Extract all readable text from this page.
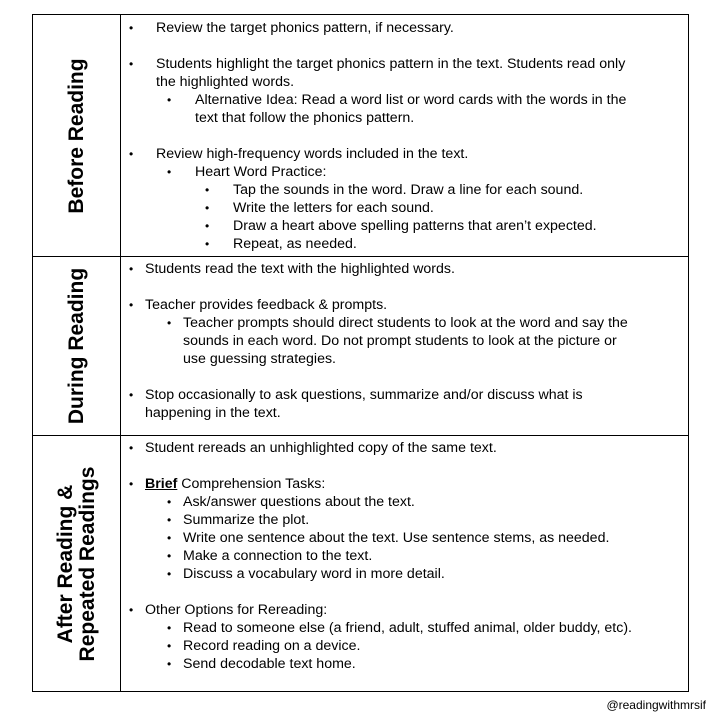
Before Reading
• Review the target phonics pattern, if necessary.
• Students highlight the target phonics pattern in the text. Students read only
the highlighted words.
• Alternative Idea: Read a word list or word cards with the words in the
text that follow the phonics pattern.
• Review high-frequency words included in the text.
• Heart Word Practice:
• Tap the sounds in the word. Draw a line for each sound.
• Write the letters for each sound.
• Draw a heart above spelling patterns that aren’t expected.
• Repeat, as needed.
During Reading	• Students read the text with the highlighted words.
• Teacher provides feedback & prompts.
• Teacher prompts should direct students to look at the word and say the
sounds in each word. Do not prompt students to look at the picture or
use guessing strategies.
• Stop occasionally to ask questions, summarize and/or discuss what is
happening in the text.
After Reading & Repeated Readings
• Student rereads an unhighlighted copy of the same text.
• Brief Comprehension Tasks:
• Ask/answer questions about the text.
• Summarize the plot.
• Write one sentence about the text. Use sentence stems, as needed.
• Make a connection to the text.
• Discuss a vocabulary word in more detail.
• Other Options for Rereading:
• Read to someone else (a friend, adult, stuffed animal, older buddy, etc).
• Record reading on a device.
• Send decodable text home.
@readingwithmrsif
